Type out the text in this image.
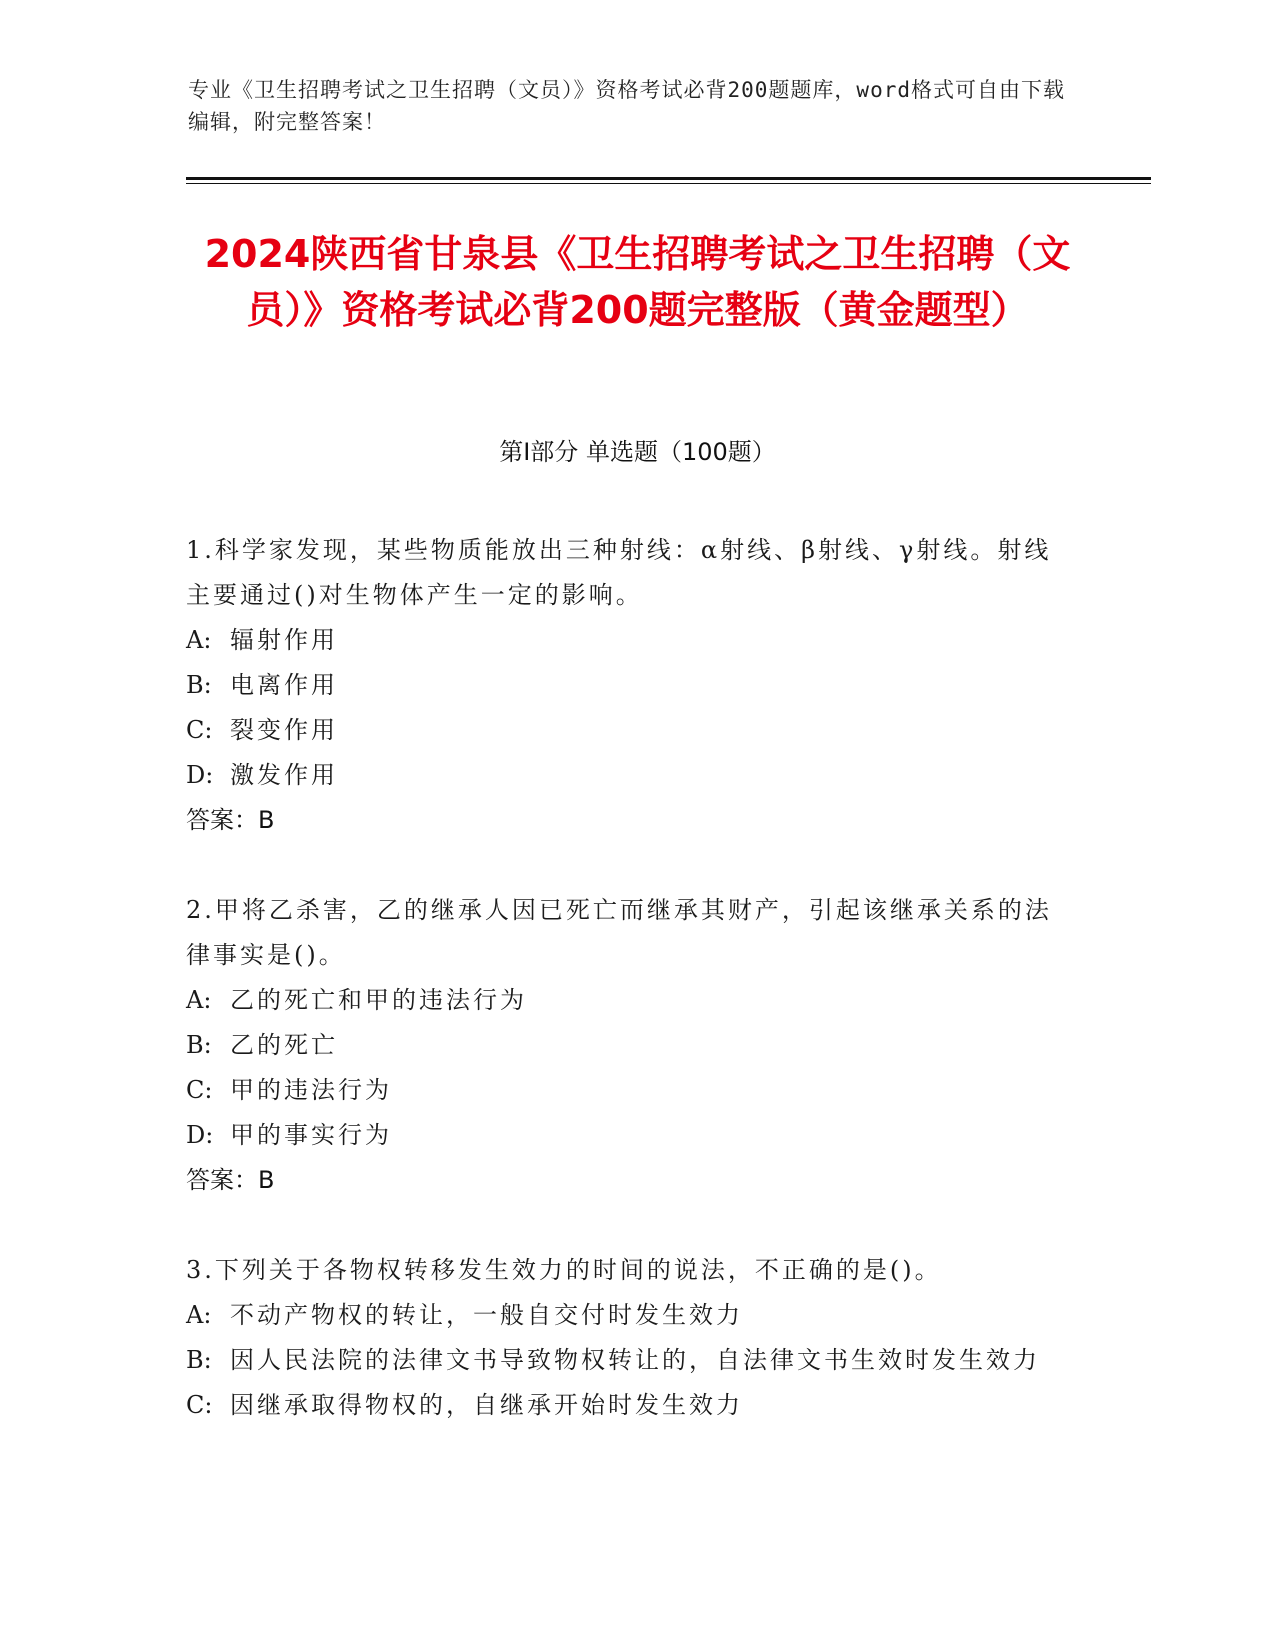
专业《卫生招聘考试之卫生招聘（文员）》资格考试必背200题题库，word格式可自由下载编辑，附完整答案！
2024陕西省甘泉县《卫生招聘考试之卫生招聘（文员）》资格考试必背200题完整版（黄金题型）
第I部分 单选题（100题）
1.科学家发现，某些物质能放出三种射线：α射线、β射线、γ射线。射线主要通过()对生物体产生一定的影响。
A: 辐射作用
B: 电离作用
C: 裂变作用
D: 激发作用
答案：B
2.甲将乙杀害，乙的继承人因已死亡而继承其财产，引起该继承关系的法律事实是()。
A: 乙的死亡和甲的违法行为
B: 乙的死亡
C: 甲的违法行为
D: 甲的事实行为
答案：B
3.下列关于各物权转移发生效力的时间的说法，不正确的是()。
A: 不动产物权的转让，一般自交付时发生效力
B: 因人民法院的法律文书导致物权转让的，自法律文书生效时发生效力
C: 因继承取得物权的，自继承开始时发生效力
